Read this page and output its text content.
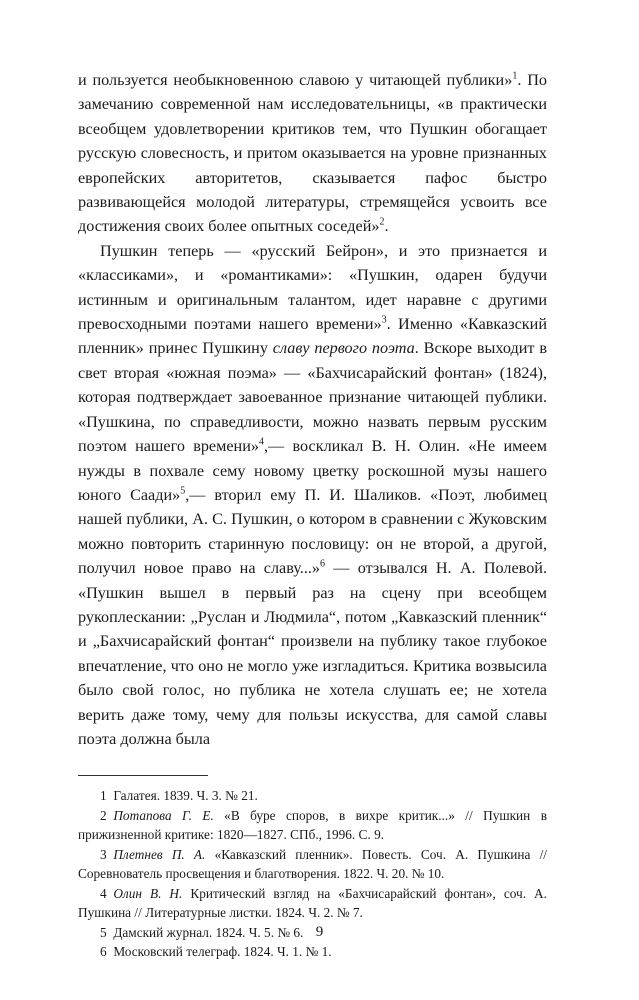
и пользуется необыкновенною славою у читающей публики»$^1$. По замечанию современной нам исследовательницы, «в практически всеобщем удовлетворении критиков тем, что Пушкин обогащает русскую словесность, и притом оказывается на уровне признанных европейских авторитетов, сказывается пафос быстро развивающейся молодой литературы, стремящейся усвоить все достижения своих более опытных соседей»$^2$.

Пушкин теперь — «русский Бейрон», и это признается и «классиками», и «романтиками»: «Пушкин, одарен будучи истинным и оригинальным талантом, идет наравне с другими превосходными поэтами нашего времени»$^3$. Именно «Кавказский пленник» принес Пушкину славу первого поэта. Вскоре выходит в свет вторая «южная поэма» — «Бахчисарайский фонтан» (1824), которая подтверждает завоеванное признание читающей публики. «Пушкина, по справедливости, можно назвать первым русским поэтом нашего времени»$^4$,— воскликал В. Н. Олин. «Не имеем нужды в похвале сему новому цветку роскошной музы нашего юного Саади»$^5$,— вторил ему П. И. Шаликов. «Поэт, любимец нашей публики, А. С. Пушкин, о котором в сравнении с Жуковским можно повторить старинную пословицу: он не второй, а другой, получил новое право на славу...»$^6$ — отзывался Н. А. Полевой. «Пушкин вышел в первый раз на сцену при всеобщем рукоплескании: „Руслан и Людмила“, потом „Кавказский пленник“ и „Бахчисарайский фонтан“ произвели на публику такое глубокое впечатление, что оно не могло уже изгладиться. Критика возвысила было свой голос, но публика не хотела слушать ее; не хотела верить даже тому, чему для пользы искусства, для самой славы поэта должна была

1  Галатея. 1839. Ч. 3. № 21.

2  Потапова Г. Е. «В буре споров, в вихре критик...» // Пушкин в прижизненной критике: 1820—1827. СПб., 1996. С. 9.

3  Плетнев П. А. «Кавказский пленник». Повесть. Соч. А. Пушкина // Соревнователь просвещения и благотворения. 1822. Ч. 20. № 10.

4  Олин В. Н. Критический взгляд на «Бахчисарайский фонтан», соч. А. Пушкина // Литературные листки. 1824. Ч. 2. № 7.

5  Дамский журнал. 1824. Ч. 5. № 6.

6  Московский телеграф. 1824. Ч. 1. № 1.

9
